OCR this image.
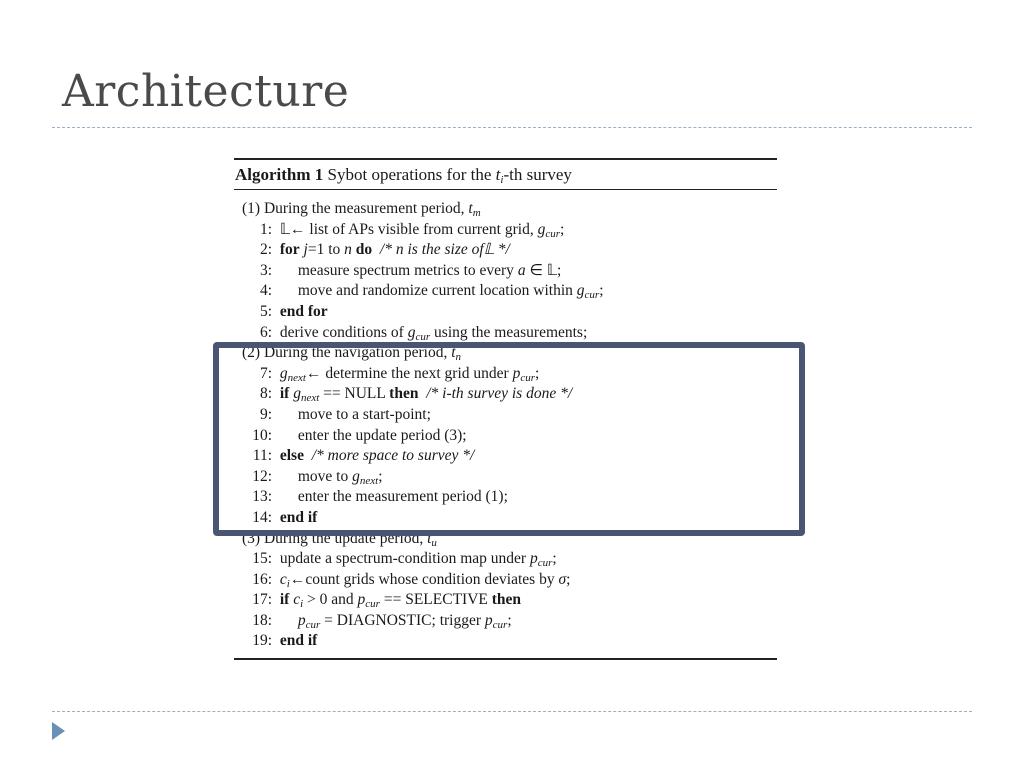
Architecture
Algorithm 1 Sybot operations for the $t_i-th$ survey
(1) During the measurement period, $t_m$
1: 𝕃← list of APs visible from current grid, $g_{cur}$;
2: for j=1 to n do /* n is the size of𝕃 */
3: measure spectrum metrics to every a ∈ 𝕃;
4: move and randomize current location within $g_{cur}$;
5: end for
6: derive conditions of $g_{cur}$ using the measurements;
(2) During the navigation period, $t_n$
7: $g_{next}\leftarrow$ determine the next grid under $p_{cur}$;
8: if $g_{next}$ == NULL then /* i-th survey is done */
9: move to a start-point;
10: enter the update period (3);
11: else /* more space to survey */
12: move to $g_{next}$;
13: enter the measurement period (1);
14: end if
(3) During the update period, $t_u$
15: update a spectrum-condition map under $p_{cur}$;
16: $c_i\leftarrow count$ grids whose condition deviates by σ;
17: if $c_i > 0$ and $p_{cur}$ == SELECTIVE then
18: $p_{cur}$ = DIAGNOSTIC; trigger $p_{cur}$;
19: end if
